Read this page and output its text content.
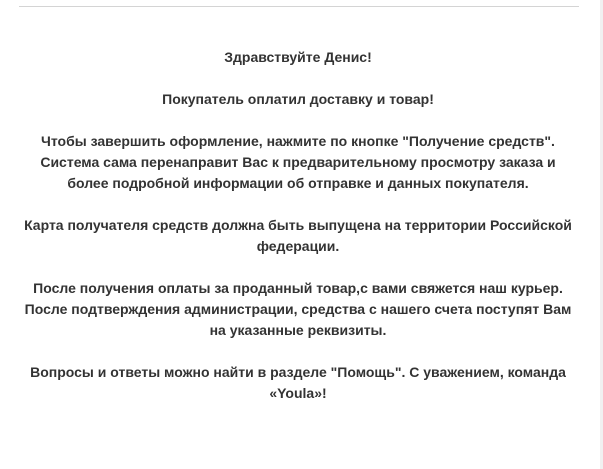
Здравствуйте Денис!

Покупатель оплатил доставку и товар!

Чтобы завершить оформление, нажмите по кнопке "Получение средств".
Система сама перенаправит Вас к предварительному просмотру заказа и
более подробной информации об отправке и данных покупателя.

Карта получателя средств должна быть выпущена на территории Российской
федерации.

После получения оплаты за проданный товар,с вами свяжется наш курьер.
После подтверждения администрации, средства с нашего счета поступят Вам
на указанные реквизиты.

Вопросы и ответы можно найти в разделе "Помощь". С уважением, команда
«Youla»!
